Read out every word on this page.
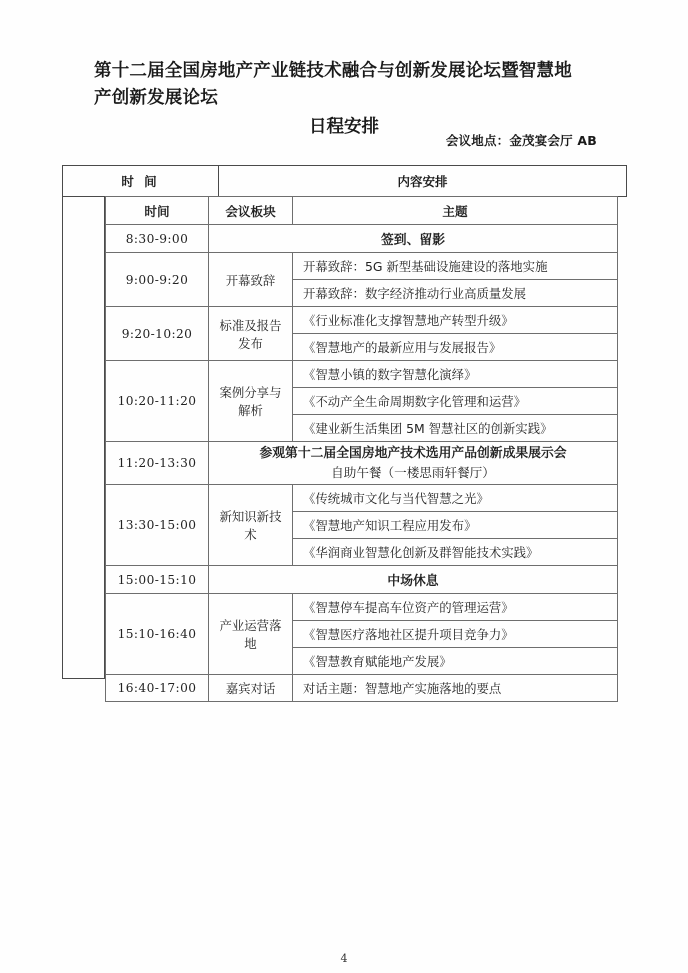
第十二届全国房地产产业链技术融合与创新发展论坛暨智慧地
产创新发展论坛
日程安排
会议地点：金茂宴会厅 AB
时 间	内容安排
时间	会议板块	主题
8:30-9:00	签到、留影	
9:00-9:20	开幕致辞	开幕致辞：5G 新型基础设施建设的落地实施
		开幕致辞：数字经济推动行业高质量发展
9:20-10:20	标准及报告发布	《行业标准化支撑智慧地产转型升级》
		《智慧地产的最新应用与发展报告》
10:20-11:20	案例分享与解析	《智慧小镇的数字智慧化演绎》
		《不动产全生命周期数字化管理和运营》
		《建业新生活集团 5M 智慧社区的创新实践》
11:20-13:30	参观第十二届全国房地产技术选用产品创新成果展示会
自助午餐（一楼思雨轩餐厅）	

13:30-15:00	新知识新技术	《传统城市文化与当代智慧之光》
		《智慧地产知识工程应用发布》
		《华润商业智慧化创新及群智能技术实践》
15:00-15:10	中场休息	
15:10-16:40	产业运营落地	《智慧停车提高车位资产的管理运营》
		《智慧医疗落地社区提升项目竞争力》
		《智慧教育赋能地产发展》
16:40-17:00	嘉宾对话	对话主题：智慧地产实施落地的要点
4
